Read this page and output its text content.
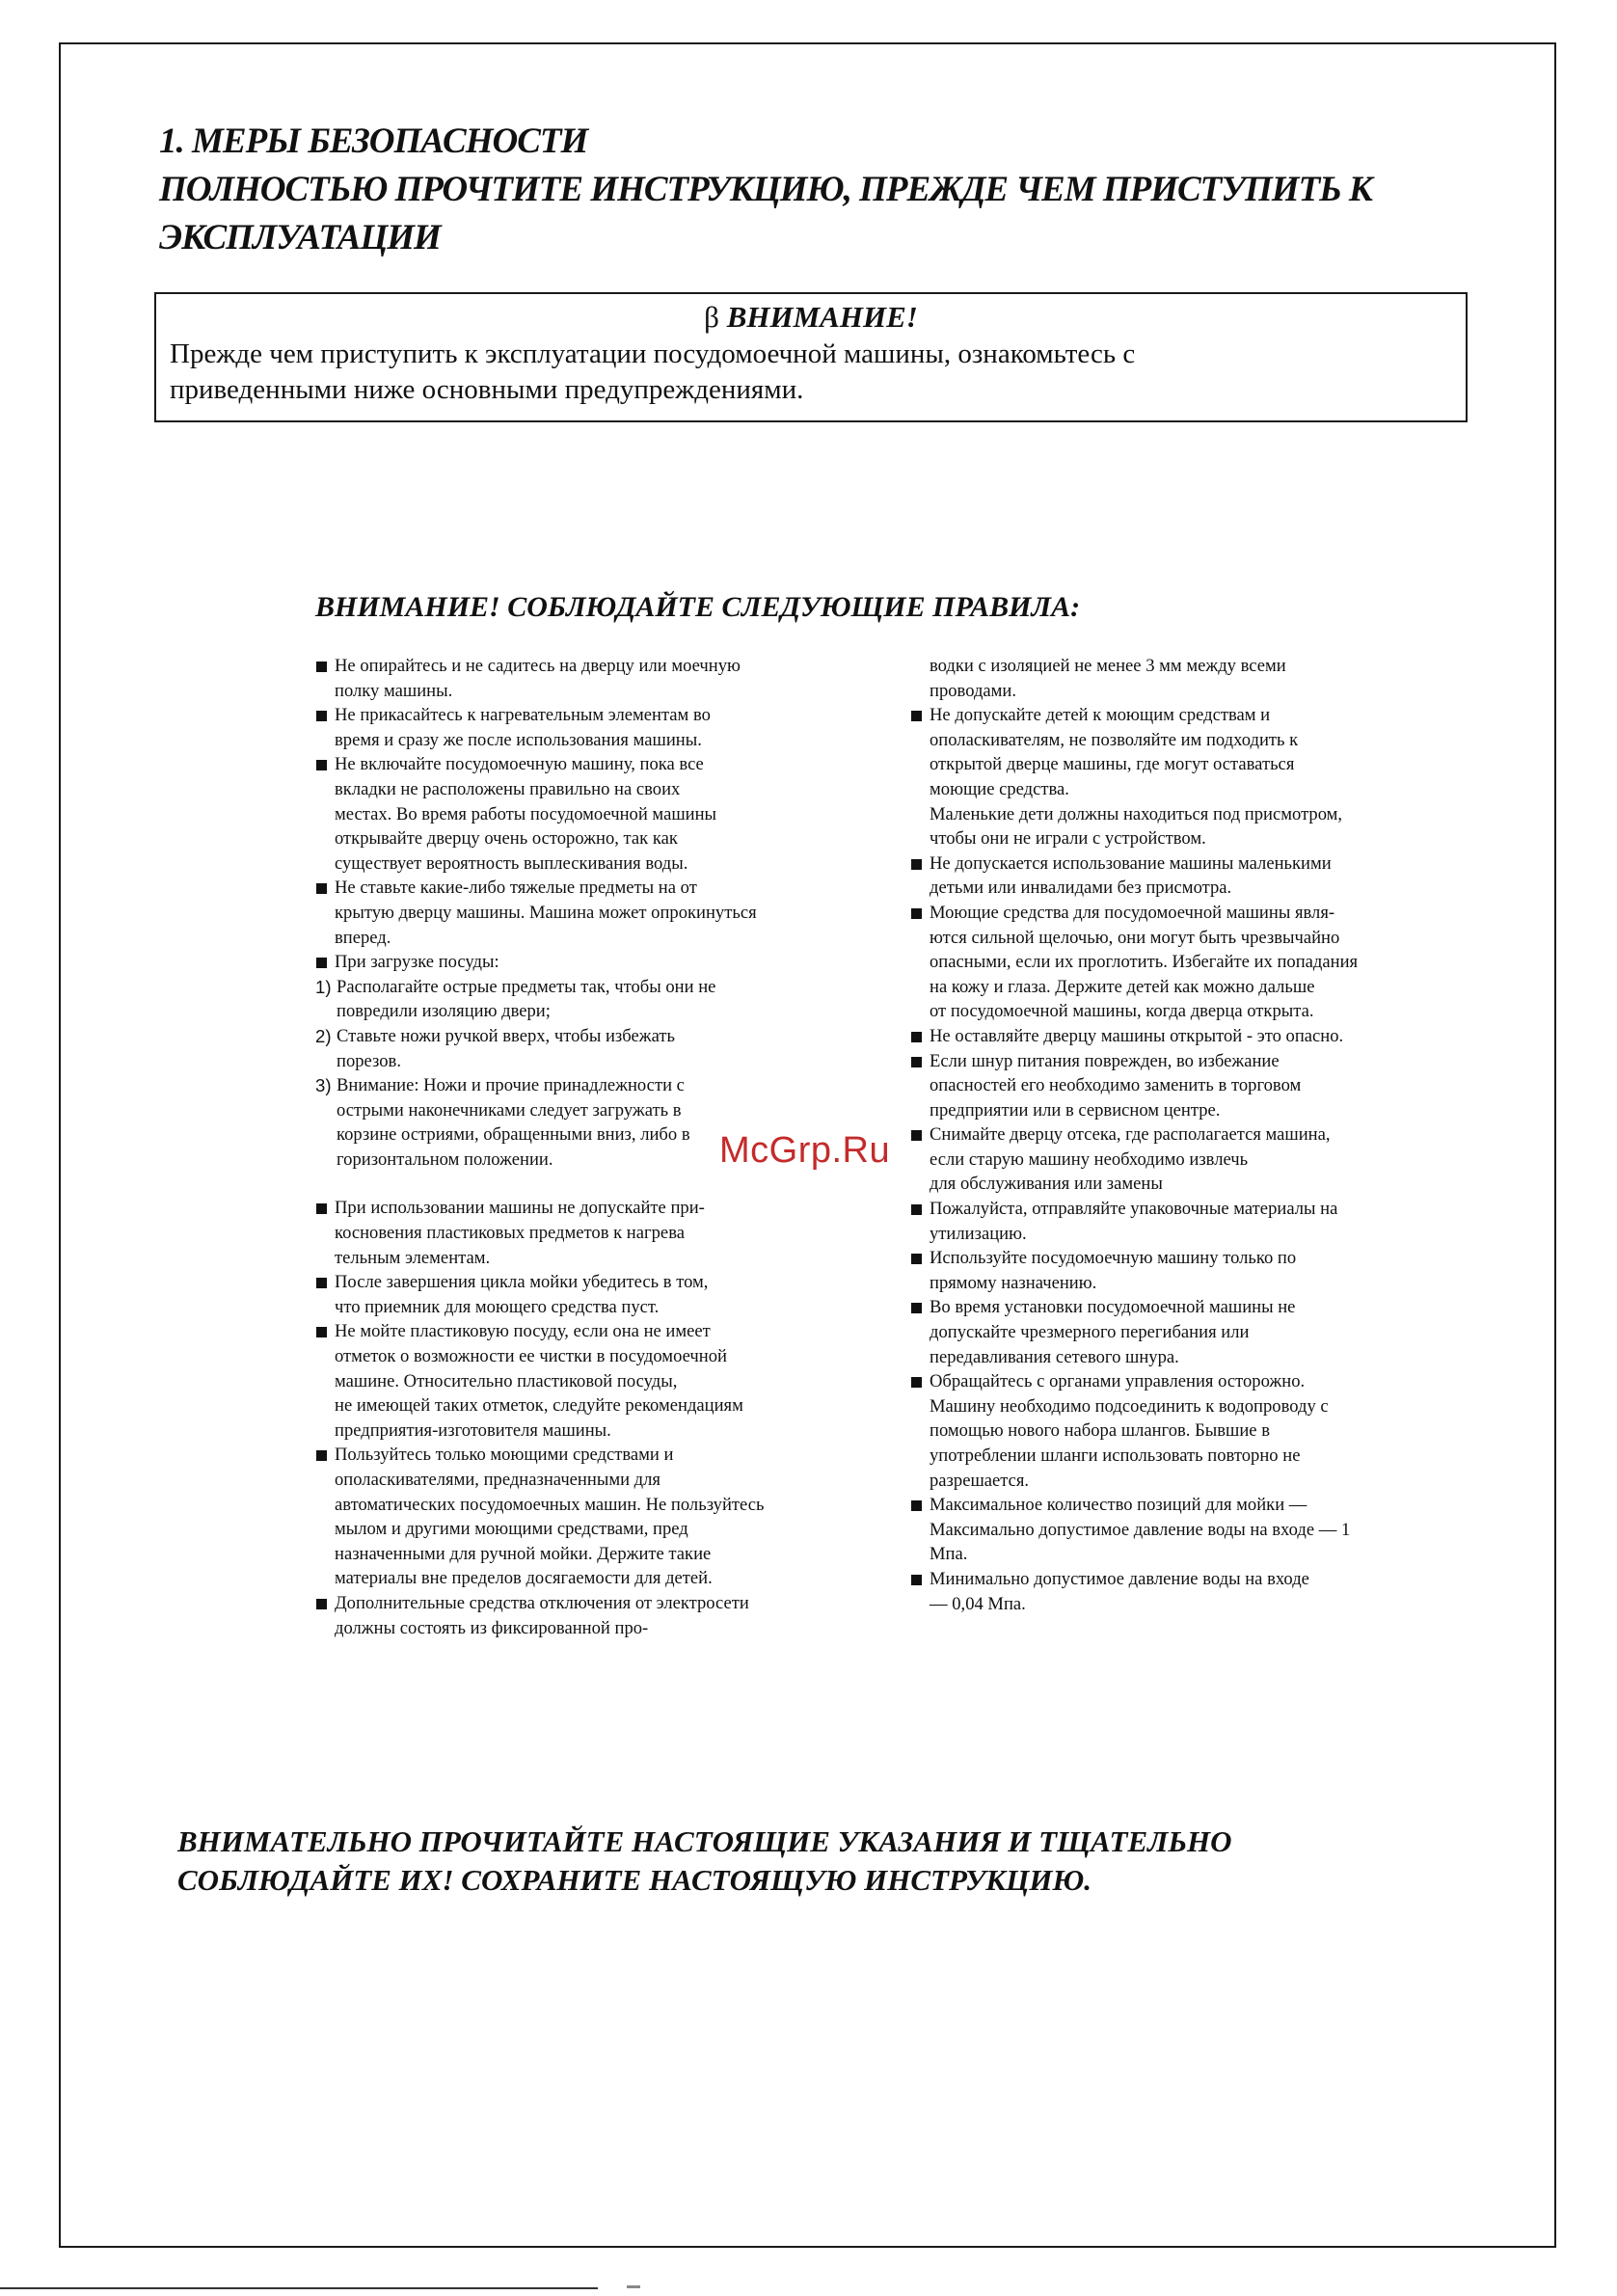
1. МЕРЫ БЕЗОПАСНОСТИ
ПОЛНОСТЬЮ ПРОЧТИТЕ ИНСТРУКЦИЮ, ПРЕЖДЕ ЧЕМ ПРИСТУПИТЬ К
ЭКСПЛУАТАЦИИ
β ВНИМАНИЕ!
Прежде чем приступить к эксплуатации посудомоечной машины, ознакомьтесь с
приведенными ниже основными предупреждениями.
ВНИМАНИЕ! СОБЛЮДАЙТЕ СЛЕДУЮЩИЕ ПРАВИЛА:
Не опирайтесь и не садитесь на дверцу или моечную
полку машины.
Не прикасайтесь к нагревательным элементам во
время и сразу же после использования машины.
Не включайте посудомоечную машину, пока все
вкладки не расположены правильно на своих
местах. Во время работы посудомоечной машины
открывайте дверцу очень осторожно, так как
существует вероятность выплескивания воды.
Не ставьте какие-либо тяжелые предметы на от
крытую дверцу машины. Машина может опрокинуться
вперед.
При загрузке посуды:
1) Располагайте острые предметы так, чтобы они не
повредили изоляцию двери;
2) Ставьте ножи ручкой вверх, чтобы избежать
порезов.
3) Внимание: Ножи и прочие принадлежности с
острыми наконечниками следует загружать в
корзине остриями, обращенными вниз, либо в
горизонтальном положении.
При использовании машины не допускайте при-
косновения пластиковых предметов к нагрева
тельным элементам.
После завершения цикла мойки убедитесь в том,
что приемник для моющего средства пуст.
Не мойте пластиковую посуду, если она не имеет
отметок о возможности ее чистки в посудомоечной
машине. Относительно пластиковой посуды,
не имеющей таких отметок, следуйте рекомендациям
предприятия-изготовителя машины.
Пользуйтесь только моющими средствами и
ополаскивателями, предназначенными для
автоматических посудомоечных машин. Не пользуйтесь
мылом и другими моющими средствами, пред
назначенными для ручной мойки. Держите такие
материалы вне пределов досягаемости для детей.
Дополнительные средства отключения от электросети
должны состоять из фиксированной про-
водки с изоляцией не менее 3 мм между всеми
проводами.
Не допускайте детей к моющим средствам и
ополаскивателям, не позволяйте им подходить к
открытой дверце машины, где могут оставаться
моющие средства.
Маленькие дети должны находиться под присмотром,
чтобы они не играли с устройством.
Не допускается использование машины маленькими
детьми или инвалидами без присмотра.
Моющие средства для посудомоечной машины явля-
ются сильной щелочью, они могут быть чрезвычайно
опасными, если их проглотить. Избегайте их попадания
на кожу и глаза. Держите детей как можно дальше
от посудомоечной машины, когда дверца открыта.
Не оставляйте дверцу машины открытой - это опасно.
Если шнур питания поврежден, во избежание
опасностей его необходимо заменить в торговом
предприятии или в сервисном центре.
Снимайте дверцу отсека, где располагается машина,
если старую машину необходимо извлечь
для обслуживания или замены
Пожалуйста, отправляйте упаковочные материалы на
утилизацию.
Используйте посудомоечную машину только по
прямому назначению.
Во время установки посудомоечной машины не
допускайте чрезмерного перегибания или
передавливания сетевого шнура.
Обращайтесь с органами управления осторожно.
Машину необходимо подсоединить к водопроводу с
помощью нового набора шлангов. Бывшие в
употреблении шланги использовать повторно не
разрешается.
Максимальное количество позиций для мойки —
Максимально допустимое давление воды на входе — 1
Мпа.
Минимально допустимое давление воды на входе
— 0,04 Мпа.
McGrp.Ru
ВНИМАТЕЛЬНО ПРОЧИТАЙТЕ НАСТОЯЩИЕ УКАЗАНИЯ И ТЩАТЕЛЬНО
СОБЛЮДАЙТЕ ИХ! СОХРАНИТЕ НАСТОЯЩУЮ ИНСТРУКЦИЮ.
